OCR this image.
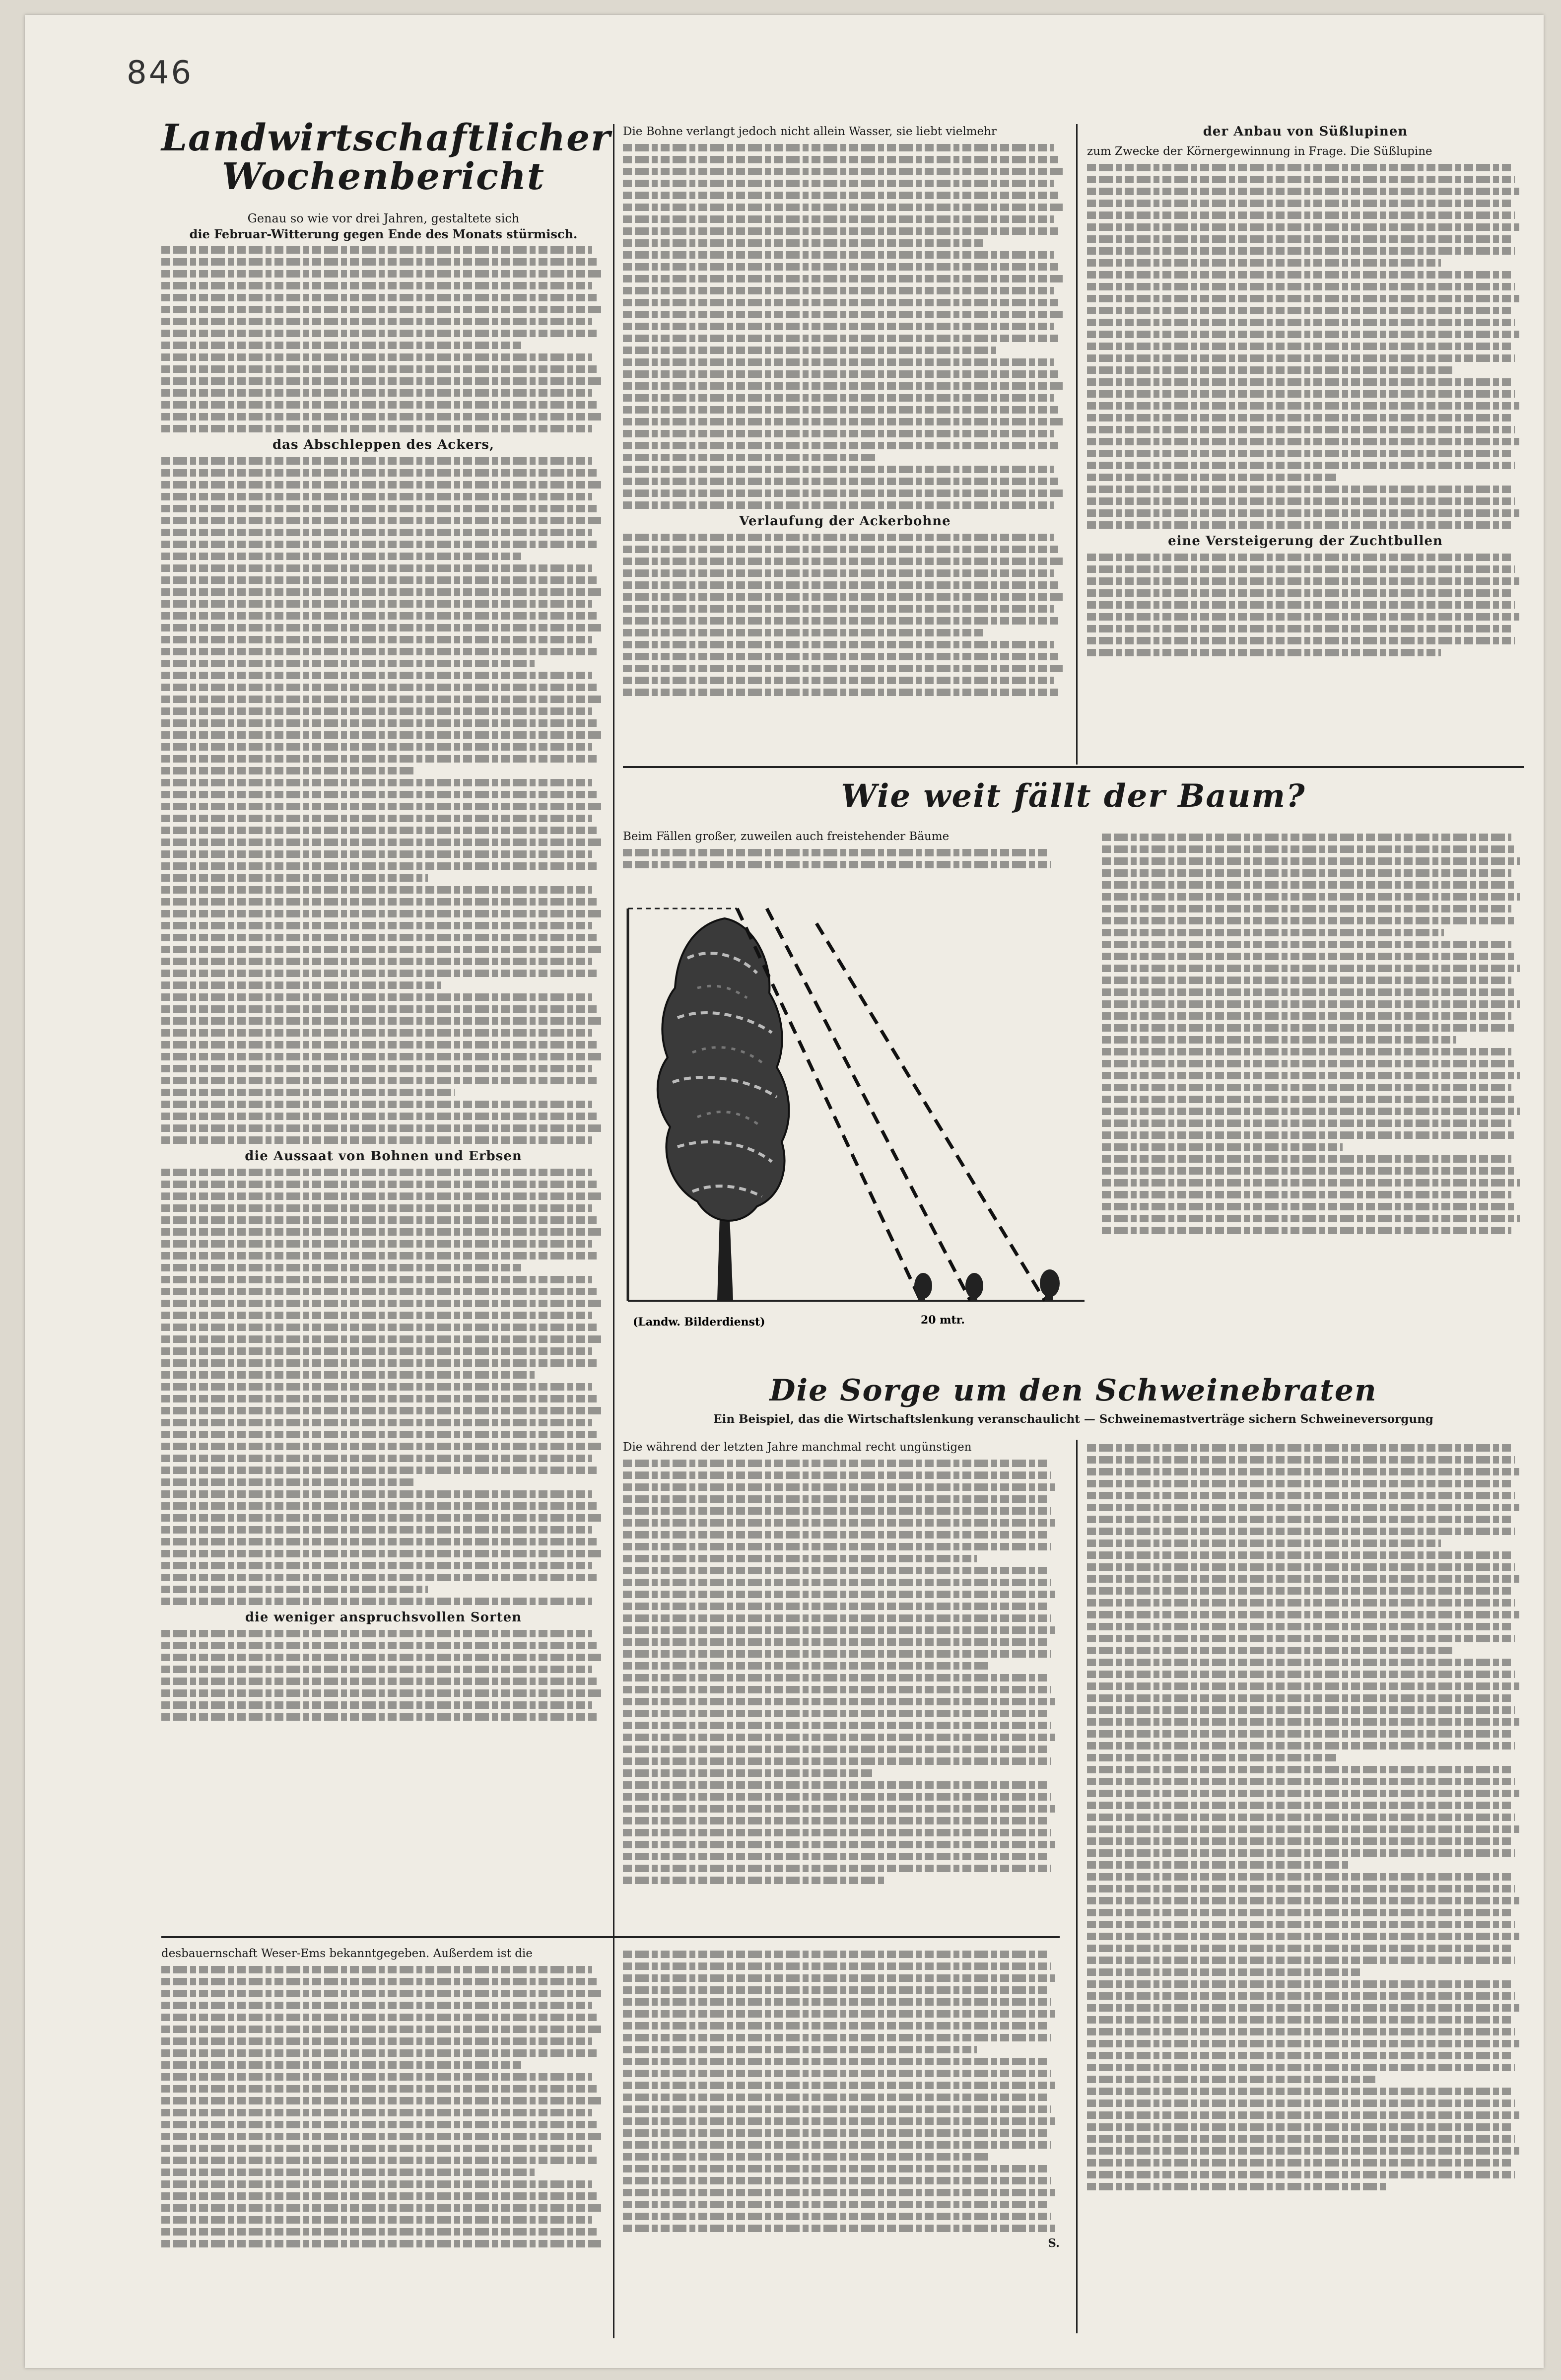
846
Landwirtschaftlicher
Wochenbericht
Genau so wie vor drei Jahren, gestaltete sich
die Februar-Witterung gegen Ende des Monats stürmisch.
das Abschleppen des Ackers,
die Aussaat von Bohnen und Erbsen
die weniger anspruchsvollen Sorten
Die Bohne verlangt jedoch nicht allein Wasser, sie liebt vielmehr
Verlaufung der Ackerbohne
der Anbau von Süßlupinen
zum Zwecke der Körnergewinnung in Frage. Die Süßlupine
eine Versteigerung der Zuchtbullen
Wie weit fällt der Baum?
Beim Fällen großer, zuweilen auch freistehender Bäume
(Landw. Bilderdienst)	20 mtr.
Die Sorge um den Schweinebraten
Ein Beispiel, das die Wirtschaftslenkung veranschaulicht — Schweinemastverträge sichern Schweineversorgung
Die während der letzten Jahre manchmal recht ungünstigen
desbauernschaft Weser-Ems bekanntgegeben. Außerdem ist die
S.
